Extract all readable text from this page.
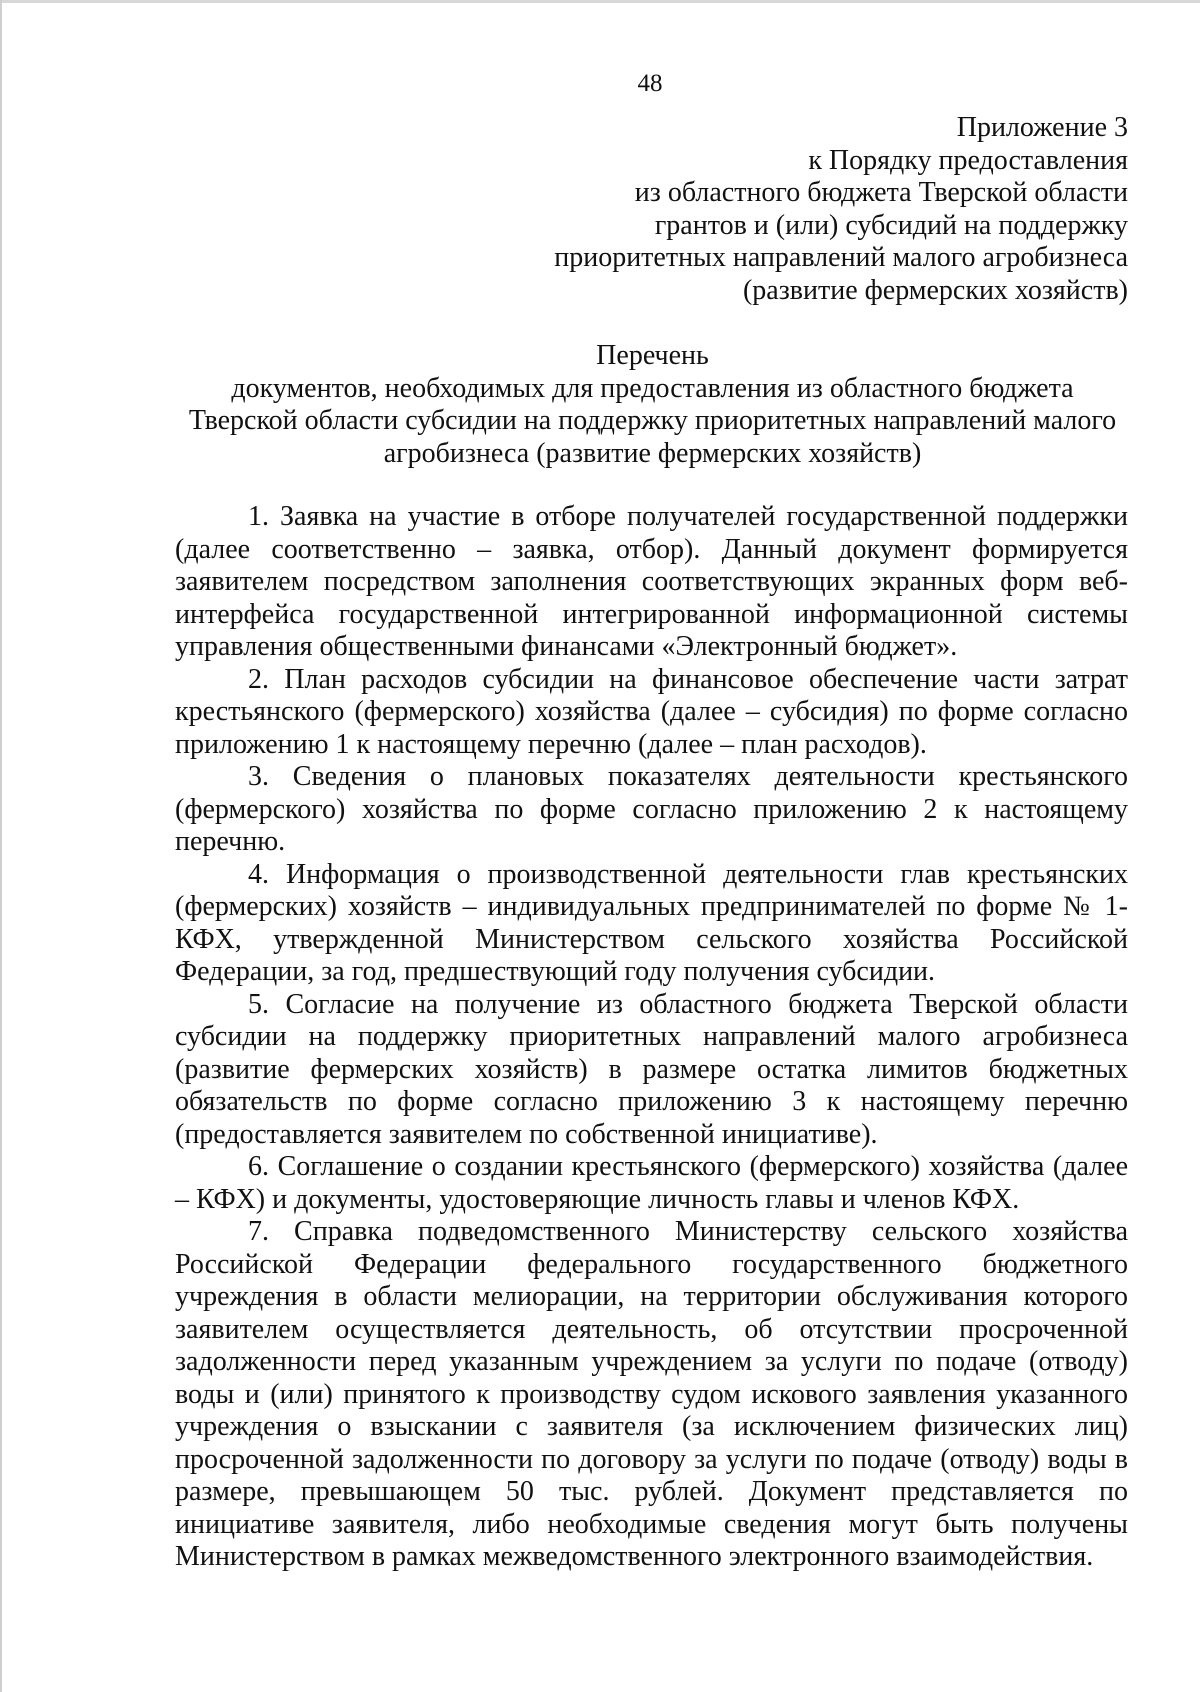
48
Приложение 3
к Порядку предоставления
из областного бюджета Тверской области
грантов и (или) субсидий на поддержку
приоритетных направлений малого агробизнеса
(развитие фермерских хозяйств)
Перечень
документов, необходимых для предоставления из областного бюджета
Тверской области субсидии на поддержку приоритетных направлений малого
агробизнеса (развитие фермерских хозяйств)

1. Заявка на участие в отборе получателей государственной поддержки (далее соответственно – заявка, отбор). Данный документ формируется заявителем посредством заполнения соответствующих экранных форм веб-интерфейса государственной интегрированной информационной системы управления общественными финансами «Электронный бюджет».

2. План расходов субсидии на финансовое обеспечение части затрат крестьянского (фермерского) хозяйства (далее – субсидия) по форме согласно приложению 1 к настоящему перечню (далее – план расходов).

3. Сведения о плановых показателях деятельности крестьянского (фермерского) хозяйства по форме согласно приложению 2 к настоящему перечню.

4. Информация о производственной деятельности глав крестьянских (фермерских) хозяйств – индивидуальных предпринимателей по форме № 1-КФХ, утвержденной Министерством сельского хозяйства Российской Федерации, за год, предшествующий году получения субсидии.

5. Согласие на получение из областного бюджета Тверской области субсидии на поддержку приоритетных направлений малого агробизнеса (развитие фермерских хозяйств) в размере остатка лимитов бюджетных обязательств по форме согласно приложению 3 к настоящему перечню (предоставляется заявителем по собственной инициативе).

6. Соглашение о создании крестьянского (фермерского) хозяйства (далее – КФХ) и документы, удостоверяющие личность главы и членов КФХ.

7. Справка подведомственного Министерству сельского хозяйства Российской Федерации федерального государственного бюджетного учреждения в области мелиорации, на территории обслуживания которого заявителем осуществляется деятельность, об отсутствии просроченной задолженности перед указанным учреждением за услуги по подаче (отводу) воды и (или) принятого к производству судом искового заявления указанного учреждения о взыскании с заявителя (за исключением физических лиц) просроченной задолженности по договору за услуги по подаче (отводу) воды в размере, превышающем 50 тыс. рублей. Документ представляется по инициативе заявителя, либо необходимые сведения могут быть получены Министерством в рамках межведомственного электронного взаимодействия.
